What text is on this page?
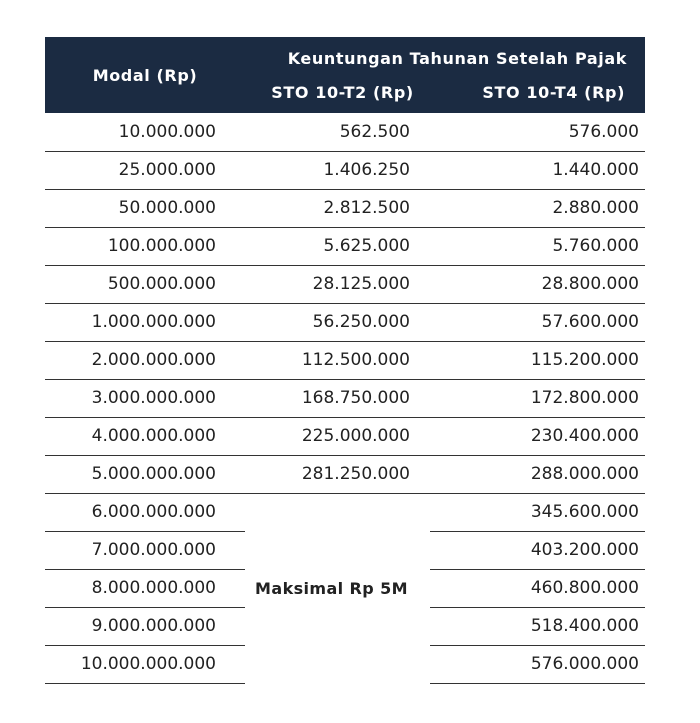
Modal (Rp)	Keuntungan Tahunan Setelah Pajak	
	STO 10-T2 (Rp)	STO 10-T4 (Rp)
10.000.000	562.500	576.000
25.000.000	1.406.250	1.440.000
50.000.000	2.812.500	2.880.000
100.000.000	5.625.000	5.760.000
500.000.000	28.125.000	28.800.000
1.000.000.000	56.250.000	57.600.000
2.000.000.000	112.500.000	115.200.000
3.000.000.000	168.750.000	172.800.000
4.000.000.000	225.000.000	230.400.000
5.000.000.000	281.250.000	288.000.000
6.000.000.000	Maksimal Rp 5M	345.600.000
7.000.000.000		403.200.000
8.000.000.000		460.800.000
9.000.000.000		518.400.000
10.000.000.000		576.000.000
